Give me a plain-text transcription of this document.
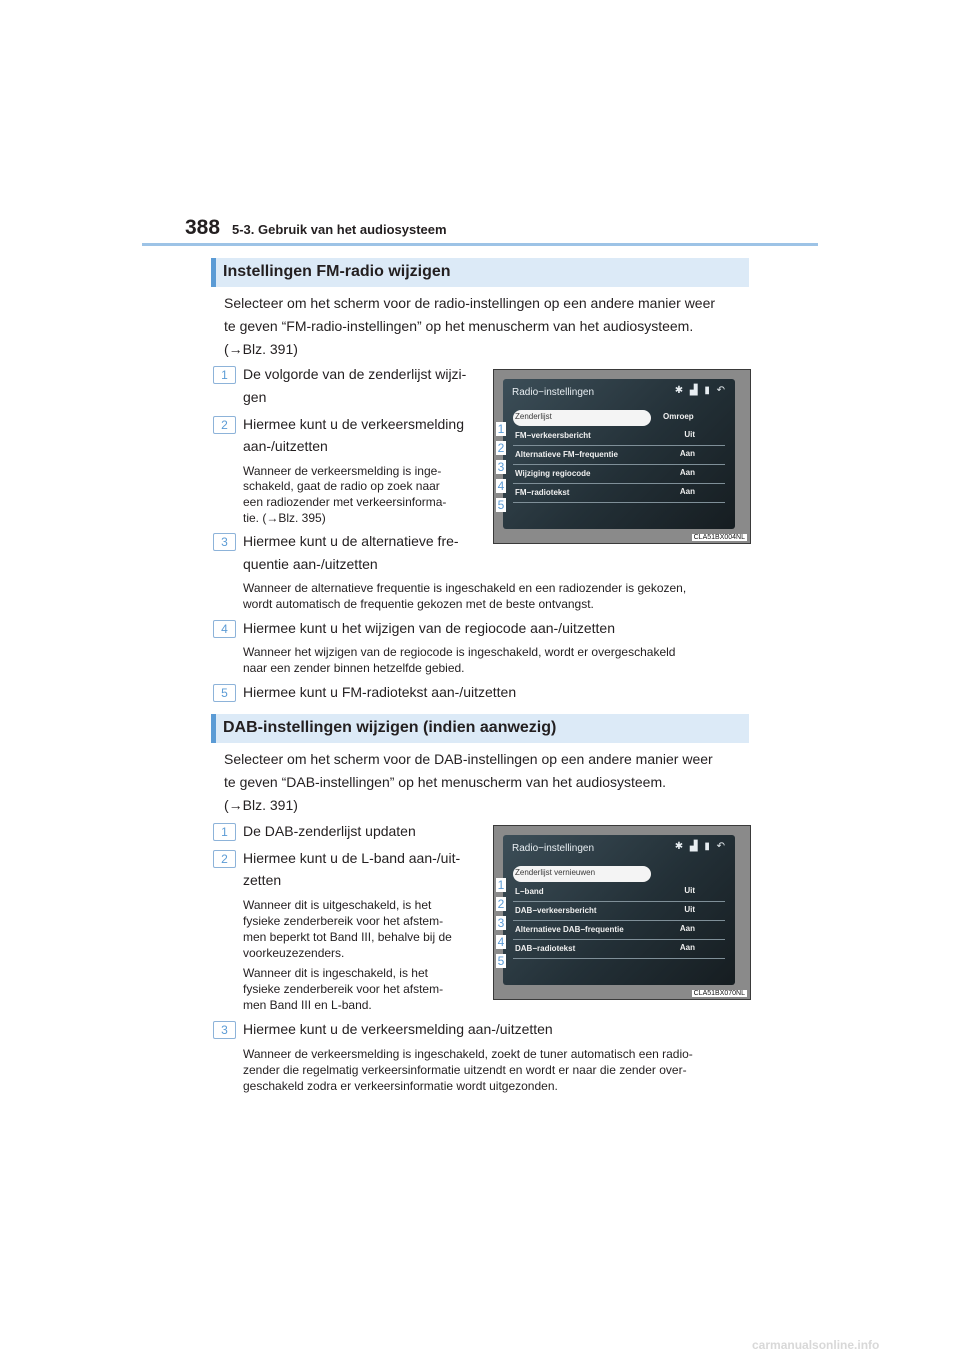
388 5-3. Gebruik van het audiosysteem
Instellingen FM-radio wijzigen
Selecteer om het scherm voor de radio-instellingen op een andere manier weer
te geven “FM-radio-instellingen” op het menuscherm van het audiosysteem.
(→Blz. 391)
1	De volgorde van de zenderlijst wijzi-
gen
2	Hiermee kunt u de verkeersmelding
aan-/uitzetten
Wanneer de verkeersmelding is inge-
schakeld, gaat de radio op zoek naar
een radiozender met verkeersinforma-
tie. (→Blz. 395)
3	Hiermee kunt u de alternatieve fre-
quentie aan-/uitzetten
Wanneer de alternatieve frequentie is ingeschakeld en een radiozender is gekozen,
wordt automatisch de frequentie gekozen met de beste ontvangst.
4	Hiermee kunt u het wijzigen van de regiocode aan-/uitzetten
Wanneer het wijzigen van de regiocode is ingeschakeld, wordt er overgeschakeld
naar een zender binnen hetzelfde gebied.
5	Hiermee kunt u FM-radiotekst aan-/uitzetten
Radio−instellingen	✱ ▟ ▮ ↶
Zenderlijst	Omroep
FM−verkeersbericht	Uit
Alternatieve FM−frequentie	Aan
Wijziging regiocode	Aan
FM−radiotekst	Aan
1
2
3
4
5
CLA51BX004NL
DAB-instellingen wijzigen (indien aanwezig)
Selecteer om het scherm voor de DAB-instellingen op een andere manier weer
te geven “DAB-instellingen” op het menuscherm van het audiosysteem.
(→Blz. 391)
1	De DAB-zenderlijst updaten
2	Hiermee kunt u de L-band aan-/uit-
zetten
Wanneer dit is uitgeschakeld, is het
fysieke zenderbereik voor het afstem-
men beperkt tot Band III, behalve bij de
voorkeuzezenders.
Wanneer dit is ingeschakeld, is het
fysieke zenderbereik voor het afstem-
men Band III en L-band.
3	Hiermee kunt u de verkeersmelding aan-/uitzetten
Wanneer de verkeersmelding is ingeschakeld, zoekt de tuner automatisch een radio-
zender die regelmatig verkeersinformatie uitzendt en wordt er naar die zender over-
geschakeld zodra er verkeersinformatie wordt uitgezonden.
Radio−instellingen	✱ ▟ ▮ ↶
Zenderlijst vernieuwen
L−band	Uit
DAB−verkeersbericht	Uit
Alternatieve DAB−frequentie	Aan
DAB−radiotekst	Aan
1
2
3
4
5
CLA51BX070NL
carmanualsonline.info
